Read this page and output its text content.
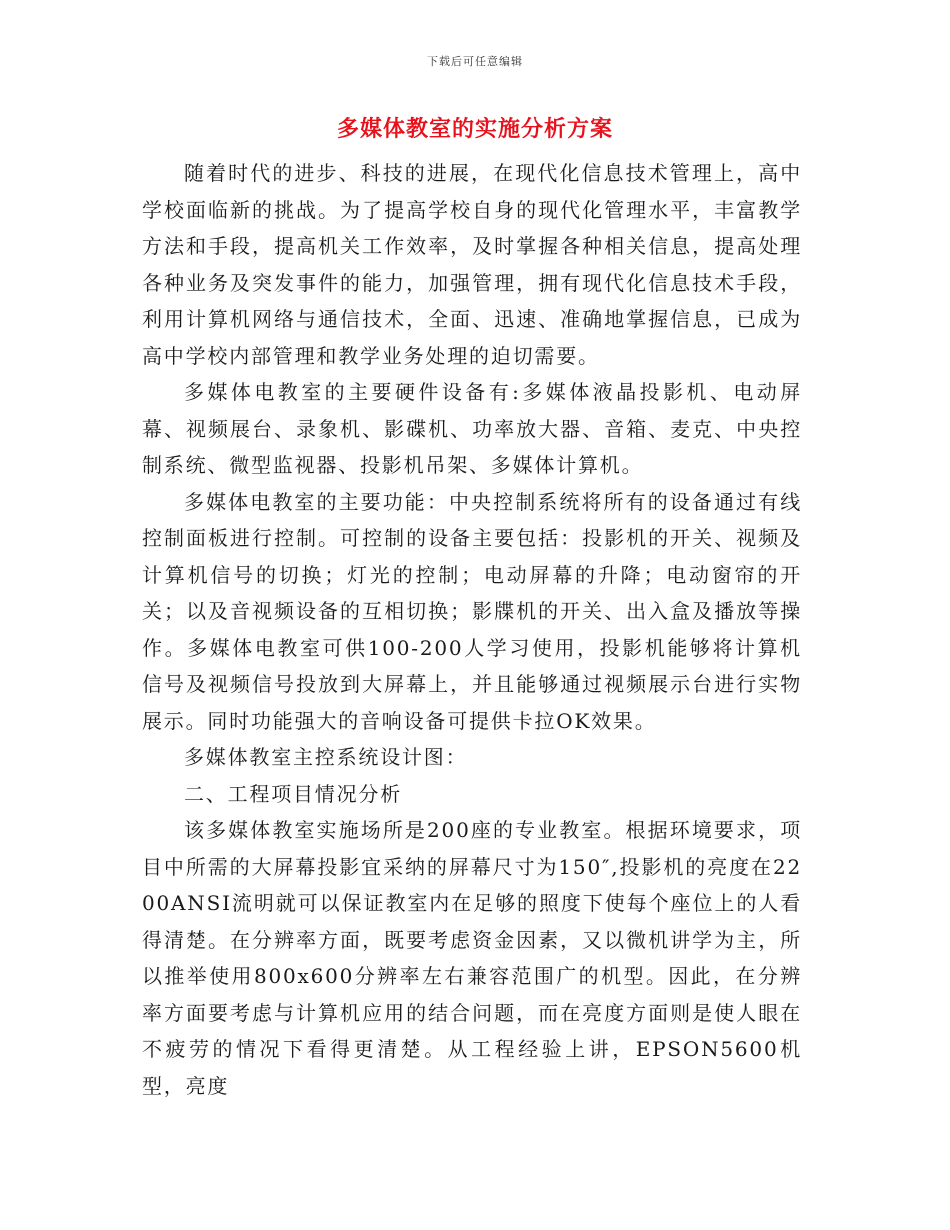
下载后可任意编辑
多媒体教室的实施分析方案

随着时代的进步、科技的进展，在现代化信息技术管理上，高中学校面临新的挑战。为了提高学校自身的现代化管理水平，丰富教学方法和手段，提高机关工作效率，及时掌握各种相关信息，提高处理各种业务及突发事件的能力，加强管理，拥有现代化信息技术手段，利用计算机网络与通信技术，全面、迅速、准确地掌握信息，已成为高中学校内部管理和教学业务处理的迫切需要。

多媒体电教室的主要硬件设备有:多媒体液晶投影机、电动屏幕、视频展台、录象机、影碟机、功率放大器、音箱、麦克、中央控制系统、微型监视器、投影机吊架、多媒体计算机。

多媒体电教室的主要功能：中央控制系统将所有的设备通过有线控制面板进行控制。可控制的设备主要包括：投影机的开关、视频及计算机信号的切换；灯光的控制；电动屏幕的升降；电动窗帘的开关；以及音视频设备的互相切换；影牒机的开关、出入盒及播放等操作。多媒体电教室可供100-200人学习使用，投影机能够将计算机信号及视频信号投放到大屏幕上，并且能够通过视频展示台进行实物展示。同时功能强大的音响设备可提供卡拉OK效果。

多媒体教室主控系统设计图：

二、工程项目情况分析

该多媒体教室实施场所是200座的专业教室。根据环境要求，项目中所需的大屏幕投影宜采纳的屏幕尺寸为150″,投影机的亮度在2200ANSI流明就可以保证教室内在足够的照度下使每个座位上的人看得清楚。在分辨率方面，既要考虑资金因素，又以微机讲学为主，所以推举使用800x600分辨率左右兼容范围广的机型。因此，在分辨率方面要考虑与计算机应用的结合问题，而在亮度方面则是使人眼在不疲劳的情况下看得更清楚。从工程经验上讲，EPSON5600机型，亮度
